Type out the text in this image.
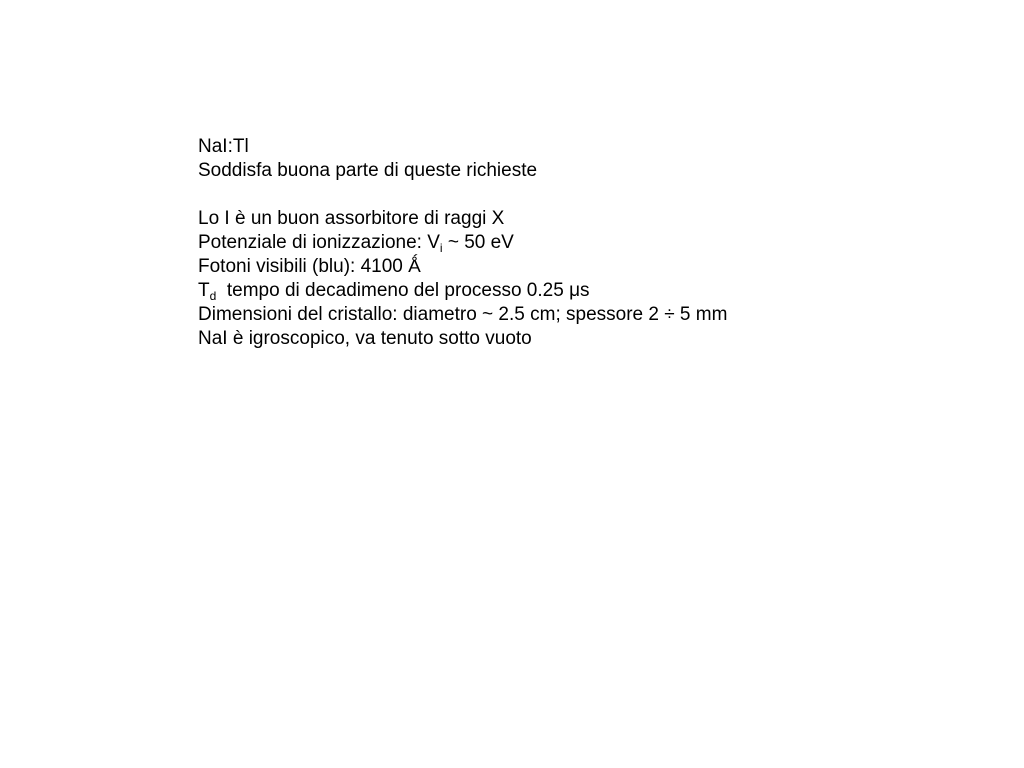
NaI:Tl
Soddisfa buona parte di queste richieste
Lo I è un buon assorbitore di raggi X
Potenziale di ionizzazione: $V_i$ ~ 50 eV
Fotoni visibili (blu): 4100 Ǻ
$T_d$  tempo di decadimeno del processo 0.25 μs
Dimensioni del cristallo: diametro ~ 2.5 cm; spessore 2 ÷ 5 mm
NaI è igroscopico, va tenuto sotto vuoto
